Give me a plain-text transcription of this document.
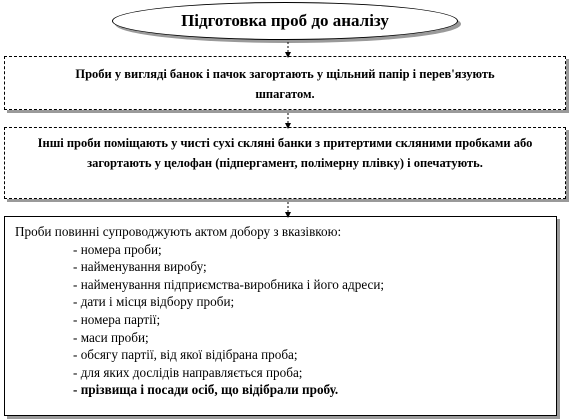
Підготовка проб до аналізу
Проби у вигляді банок і пачок загортають у щільний папір і перев'язують шпагатом.
Інші проби поміщають у чисті сухі скляні банки з притертими скляними пробками або загортають у целофан (пiдпергамент, полімерну плівку) і опечатують.

Проби повинні супроводжують актом добору з вказівкою:

- номера проби;
- найменування виробу;
- найменування підприємства-виробника і його адреси;
- дати і місця відбору проби;
- номера партії;
- маси проби;
- обсягу партії, від якої відібрана проба;
- для яких дослідів направляється проба;
- прізвища і посади осіб, що відібрали пробу.
